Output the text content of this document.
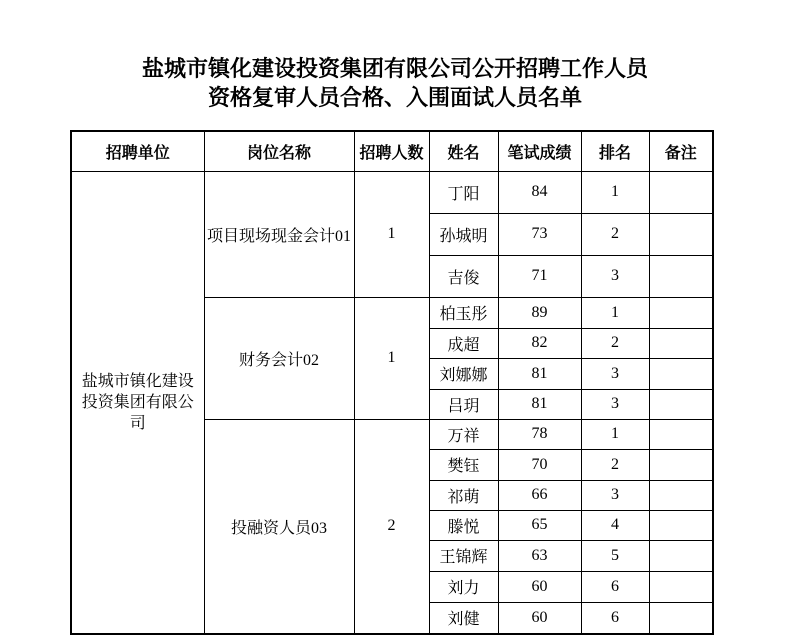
盐城市镇化建设投资集团有限公司公开招聘工作人员
资格复审人员合格、入围面试人员名单
招聘单位	岗位名称	招聘人数	姓名	笔试成绩	排名	备注
盐城市镇化建设投资集团有限公司	项目现场现金会计01	1	丁阳	84	1	
			孙城明	73	2	
			吉俊	71	3	
	财务会计02	1	柏玉彤	89	1	
			成超	82	2	
			刘娜娜	81	3	
			吕玥	81	3	
	投融资人员03	2	万祥	78	1	
			樊钰	70	2	
			祁萌	66	3	
			滕悦	65	4	
			王锦辉	63	5	
			刘力	60	6	
			刘健	60	6	
